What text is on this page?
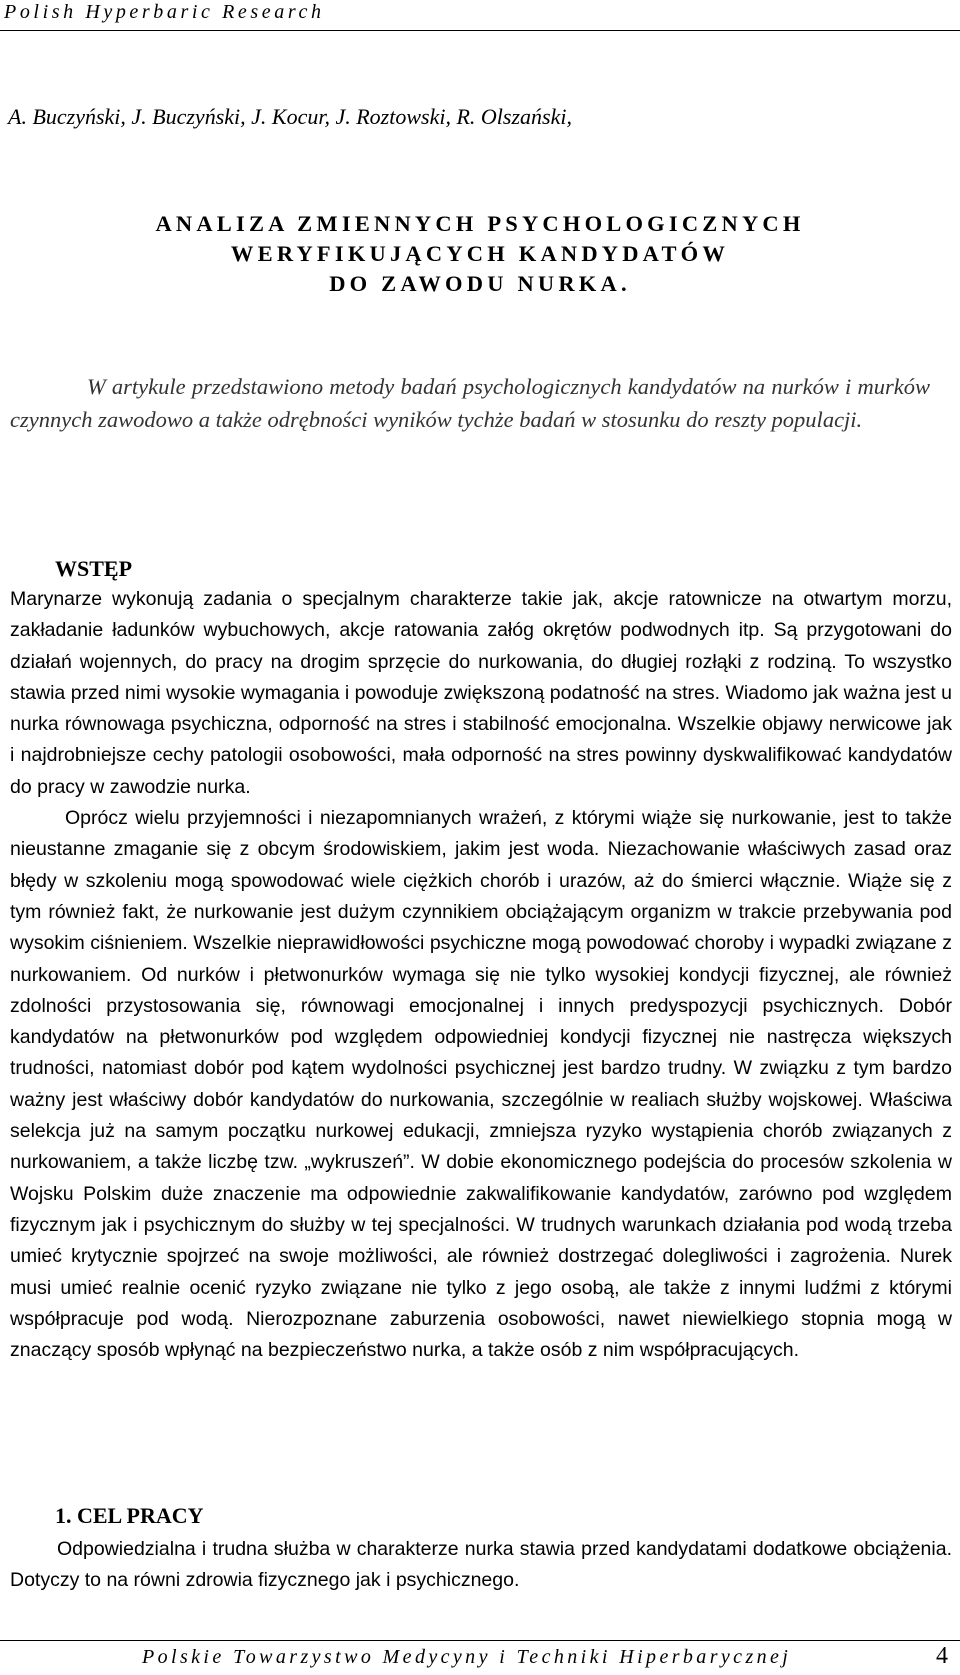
Polish Hyperbaric Research
A. Buczyński, J. Buczyński, J. Kocur, J. Roztowski, R. Olszański,
ANALIZA ZMIENNYCH PSYCHOLOGICZNYCH
WERYFIKUJĄCYCH KANDYDATÓW
DO ZAWODU NURKA.
W artykule przedstawiono metody badań psychologicznych kandydatów na nurków i murków czynnych zawodowo a także odrębności wyników tychże badań w stosunku do reszty populacji.
WSTĘP

Marynarze wykonują zadania o specjalnym charakterze takie jak, akcje ratownicze na otwartym morzu, zakładanie ładunków wybuchowych, akcje ratowania załóg okrętów podwodnych itp. Są przygotowani do działań wojennych, do pracy na drogim sprzęcie do nurkowania, do długiej rozłąki z rodziną. To wszystko stawia przed nimi wysokie wymagania i powoduje zwiększoną podatność na stres. Wiadomo jak ważna jest u nurka równowaga psychiczna, odporność na stres i stabilność emocjonalna. Wszelkie objawy nerwicowe jak i najdrobniejsze cechy patologii osobowości, mała odporność na stres powinny dyskwalifikować kandydatów do pracy w zawodzie nurka.

Oprócz wielu przyjemności i niezapomnianych wrażeń, z którymi wiąże się nurkowanie, jest to także nieustanne zmaganie się z obcym środowiskiem, jakim jest woda. Niezachowanie właściwych zasad oraz błędy w szkoleniu mogą spowodować wiele ciężkich chorób i urazów, aż do śmierci włącznie. Wiąże się z tym również fakt, że nurkowanie jest dużym czynnikiem obciążającym organizm w trakcie przebywania pod wysokim ciśnieniem. Wszelkie nieprawidłowości psychiczne mogą powodować choroby i wypadki związane z nurkowaniem. Od nurków i płetwonurków wymaga się nie tylko wysokiej kondycji fizycznej, ale również zdolności przystosowania się, równowagi emocjonalnej i innych predyspozycji psychicznych. Dobór kandydatów na płetwonurków pod względem odpowiedniej kondycji fizycznej nie nastręcza większych trudności, natomiast dobór pod kątem wydolności psychicznej jest bardzo trudny. W związku z tym bardzo ważny jest właściwy dobór kandydatów do nurkowania, szczególnie w realiach służby wojskowej. Właściwa selekcja już na samym początku nurkowej edukacji, zmniejsza ryzyko wystąpienia chorób związanych z nurkowaniem, a także liczbę tzw. „wykruszeń”. W dobie ekonomicznego podejścia do procesów szkolenia w Wojsku Polskim duże znaczenie ma odpowiednie zakwalifikowanie kandydatów, zarówno pod względem fizycznym jak i psychicznym do służby w tej specjalności. W trudnych warunkach działania pod wodą trzeba umieć krytycznie spojrzeć na swoje możliwości, ale również dostrzegać dolegliwości i zagrożenia. Nurek musi umieć realnie ocenić ryzyko związane nie tylko z jego osobą, ale także z innymi ludźmi z którymi współpracuje pod wodą. Nierozpoznane zaburzenia osobowości, nawet niewielkiego stopnia mogą w znaczący sposób wpłynąć na bezpieczeństwo nurka, a także osób z nim współpracujących.

1. CEL PRACY
Odpowiedzialna i trudna służba w charakterze nurka stawia przed kandydatami dodatkowe obciążenia. Dotyczy to na równi zdrowia fizycznego jak i psychicznego.
Polskie Towarzystwo Medycyny i Techniki Hiperbarycznej	4
